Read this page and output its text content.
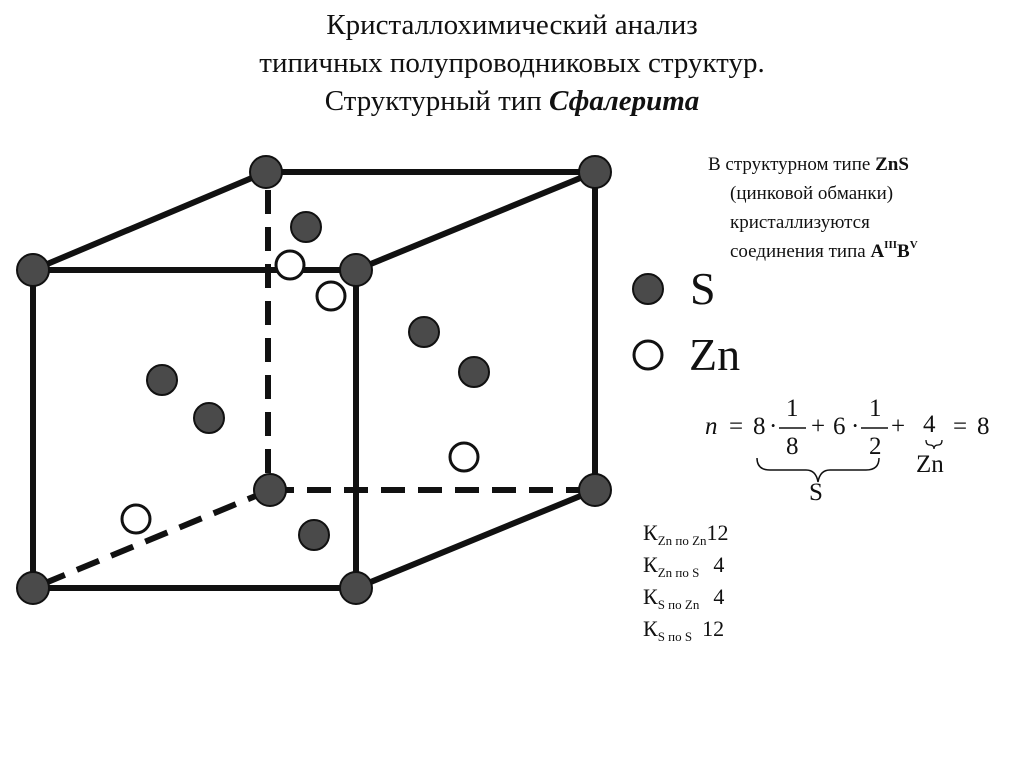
Кристаллохимический анализ
типичных полупроводниковых структур.
Структурный тип Сфалерита
В структурном типе ZnS
(цинковой обманки)
кристаллизуются
соединения типа $A^{III}B^V$
S
Zn
n = 8 ·
1
8
+ 6 ·
1
2
+ 4 = 8
S
Zn
$К_{Zn по Zn}12$
$К_{Zn по S}$ 4
$К_{S по Zn}$ 4
$К_{S по S}$ 12
